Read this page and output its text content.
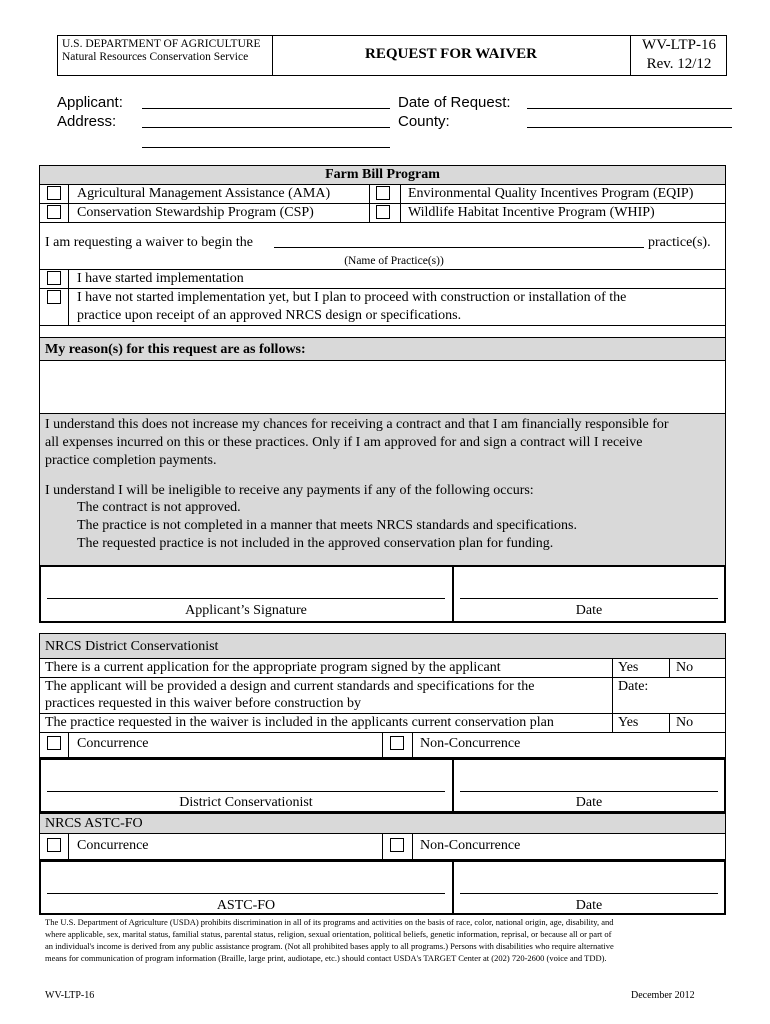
U.S. DEPARTMENT OF AGRICULTURE
Natural Resources Conservation Service	REQUEST FOR WAIVER
WV-LTP-16
Rev. 12/12
Applicant:
Address:
Date of Request:
County:
Farm Bill Program
Agricultural Management Assistance (AMA)	Environmental Quality Incentives Program (EQIP)
Conservation Stewardship Program (CSP)	Wildlife Habitat Incentive Program (WHIP)
I am requesting a waiver to begin the	practice(s).
(Name of Practice(s))
I have started implementation
I have not started implementation yet, but I plan to proceed with construction or installation of the
practice upon receipt of an approved NRCS design or specifications.
My reason(s) for this request are as follows:
I understand this does not increase my chances for receiving a contract and that I am financially responsible for
all expenses incurred on this or these practices. Only if I am approved for and sign a contract will I receive
practice completion payments.
I understand I will be ineligible to receive any payments if any of the following occurs:
The contract is not approved.
The practice is not completed in a manner that meets NRCS standards and specifications.
The requested practice is not included in the approved conservation plan for funding.
Applicant’s Signature	Date
NRCS District Conservationist
There is a current application for the appropriate program signed by the applicant	Yes	No
The applicant will be provided a design and current standards and specifications for the
practices requested in this waiver before construction by
Date:
The practice requested in the waiver is included in the applicants current conservation plan	Yes	No
Concurrence	Non-Concurrence
District Conservationist	Date
NRCS ASTC-FO
Concurrence	Non-Concurrence
ASTC-FO	Date
The U.S. Department of Agriculture (USDA) prohibits discrimination in all of its programs and activities on the basis of race, color, national origin, age, disability, and
where applicable, sex, marital status, familial status, parental status, religion, sexual orientation, political beliefs, genetic information, reprisal, or because all or part of
an individual's income is derived from any public assistance program. (Not all prohibited bases apply to all programs.) Persons with disabilities who require alternative
means for communication of program information (Braille, large print, audiotape, etc.) should contact USDA's TARGET Center at (202) 720-2600 (voice and TDD).
WV-LTP-16	December 2012
